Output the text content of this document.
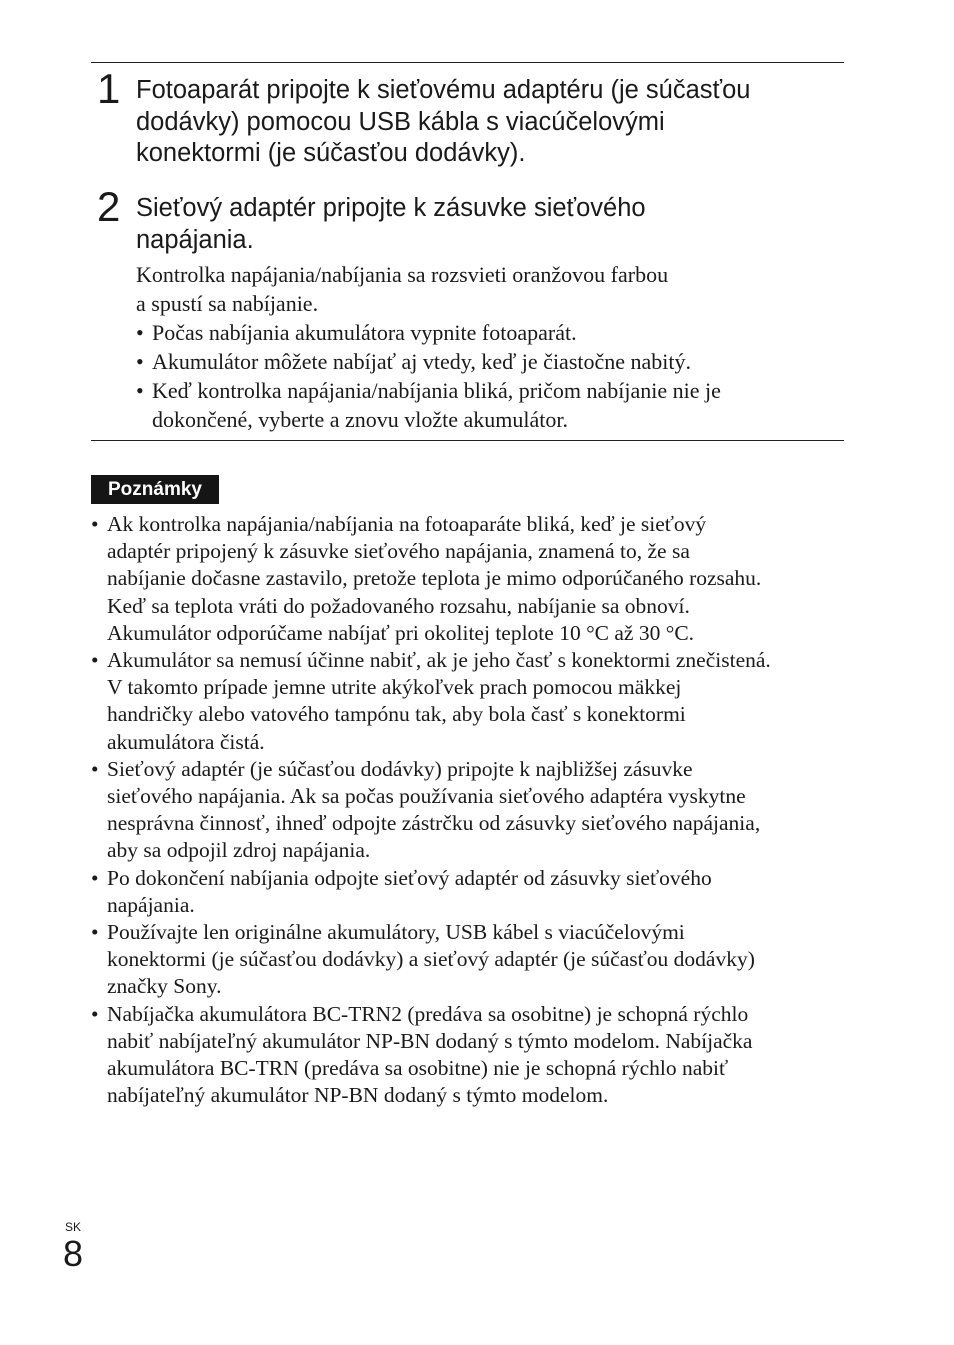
1 Fotoaparát pripojte k sieťovému adaptéru (je súčasťou
dodávky) pomocou USB kábla s viacúčelovými
konektormi (je súčasťou dodávky).
2 Sieťový adaptér pripojte k zásuvke sieťového
napájania.
Kontrolka napájania/nabíjania sa rozsvieti oranžovou farbou
a spustí sa nabíjanie.
• Počas nabíjania akumulátora vypnite fotoaparát.
• Akumulátor môžete nabíjať aj vtedy, keď je čiastočne nabitý.
• Keď kontrolka napájania/nabíjania bliká, pričom nabíjanie nie je
dokončené, vyberte a znovu vložte akumulátor.
Poznámky
• Ak kontrolka napájania/nabíjania na fotoaparáte bliká, keď je sieťový
adaptér pripojený k zásuvke sieťového napájania, znamená to, že sa
nabíjanie dočasne zastavilo, pretože teplota je mimo odporúčaného rozsahu.
Keď sa teplota vráti do požadovaného rozsahu, nabíjanie sa obnoví.
Akumulátor odporúčame nabíjať pri okolitej teplote 10 °C až 30 °C.
• Akumulátor sa nemusí účinne nabiť, ak je jeho časť s konektormi znečistená.
V takomto prípade jemne utrite akýkoľvek prach pomocou mäkkej
handričky alebo vatového tampónu tak, aby bola časť s konektormi
akumulátora čistá.
• Sieťový adaptér (je súčasťou dodávky) pripojte k najbližšej zásuvke
sieťového napájania. Ak sa počas používania sieťového adaptéra vyskytne
nesprávna činnosť, ihneď odpojte zástrčku od zásuvky sieťového napájania,
aby sa odpojil zdroj napájania.
• Po dokončení nabíjania odpojte sieťový adaptér od zásuvky sieťového
napájania.
• Používajte len originálne akumulátory, USB kábel s viacúčelovými
konektormi (je súčasťou dodávky) a sieťový adaptér (je súčasťou dodávky)
značky Sony.
• Nabíjačka akumulátora BC-TRN2 (predáva sa osobitne) je schopná rýchlo
nabiť nabíjateľný akumulátor NP-BN dodaný s týmto modelom. Nabíjačka
akumulátora BC-TRN (predáva sa osobitne) nie je schopná rýchlo nabiť
nabíjateľný akumulátor NP-BN dodaný s týmto modelom.
SK
8
